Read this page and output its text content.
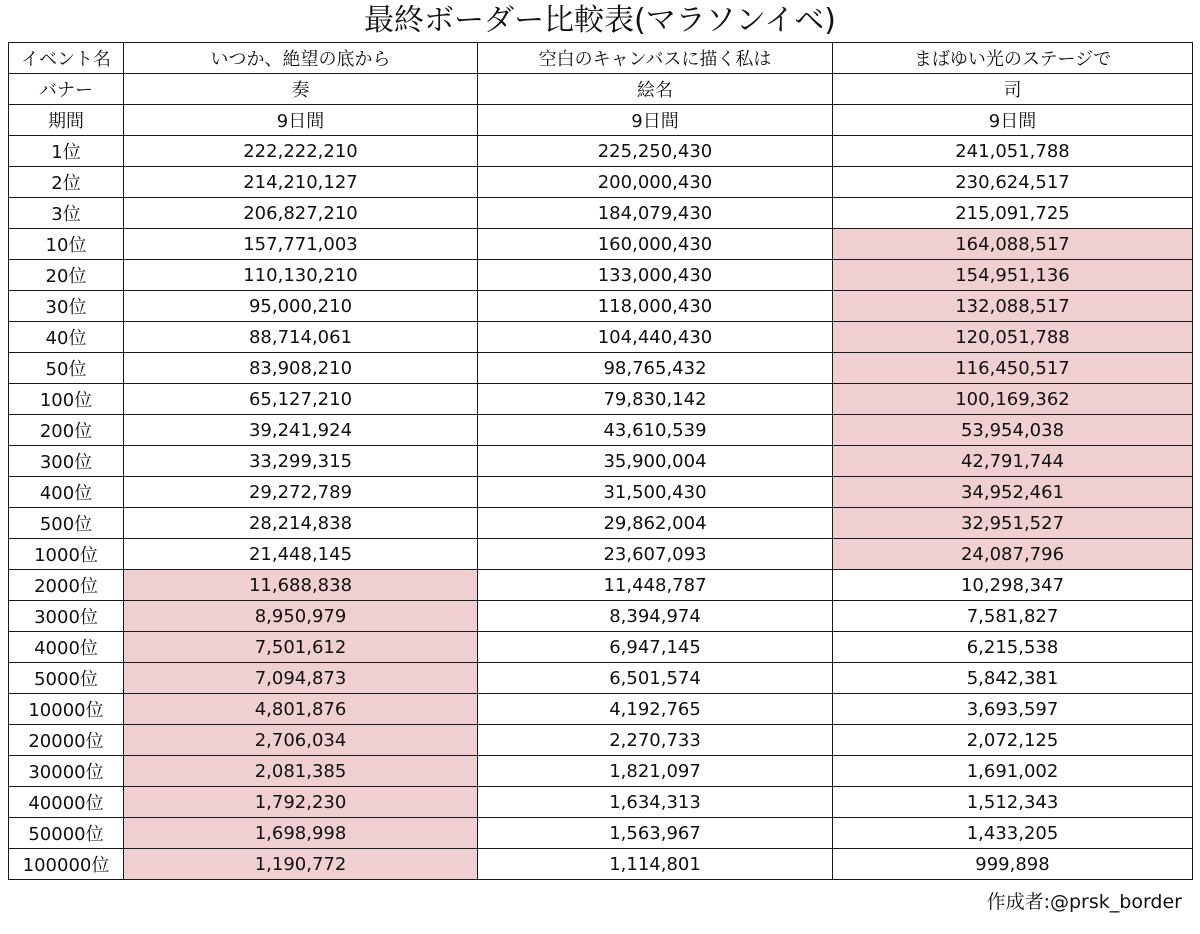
最終ボーダー比較表(マラソンイベ)
イベント名	いつか、絶望の底から	空白のキャンバスに描く私は	まばゆい光のステージで
バナー	奏	絵名	司
期間	9日間	9日間	9日間
1位	222,222,210	225,250,430	241,051,788
2位	214,210,127	200,000,430	230,624,517
3位	206,827,210	184,079,430	215,091,725
10位	157,771,003	160,000,430	164,088,517
20位	110,130,210	133,000,430	154,951,136
30位	95,000,210	118,000,430	132,088,517
40位	88,714,061	104,440,430	120,051,788
50位	83,908,210	98,765,432	116,450,517
100位	65,127,210	79,830,142	100,169,362
200位	39,241,924	43,610,539	53,954,038
300位	33,299,315	35,900,004	42,791,744
400位	29,272,789	31,500,430	34,952,461
500位	28,214,838	29,862,004	32,951,527
1000位	21,448,145	23,607,093	24,087,796
2000位	11,688,838	11,448,787	10,298,347
3000位	8,950,979	8,394,974	7,581,827
4000位	7,501,612	6,947,145	6,215,538
5000位	7,094,873	6,501,574	5,842,381
10000位	4,801,876	4,192,765	3,693,597
20000位	2,706,034	2,270,733	2,072,125
30000位	2,081,385	1,821,097	1,691,002
40000位	1,792,230	1,634,313	1,512,343
50000位	1,698,998	1,563,967	1,433,205
100000位	1,190,772	1,114,801	999,898
作成者:@prsk_border
